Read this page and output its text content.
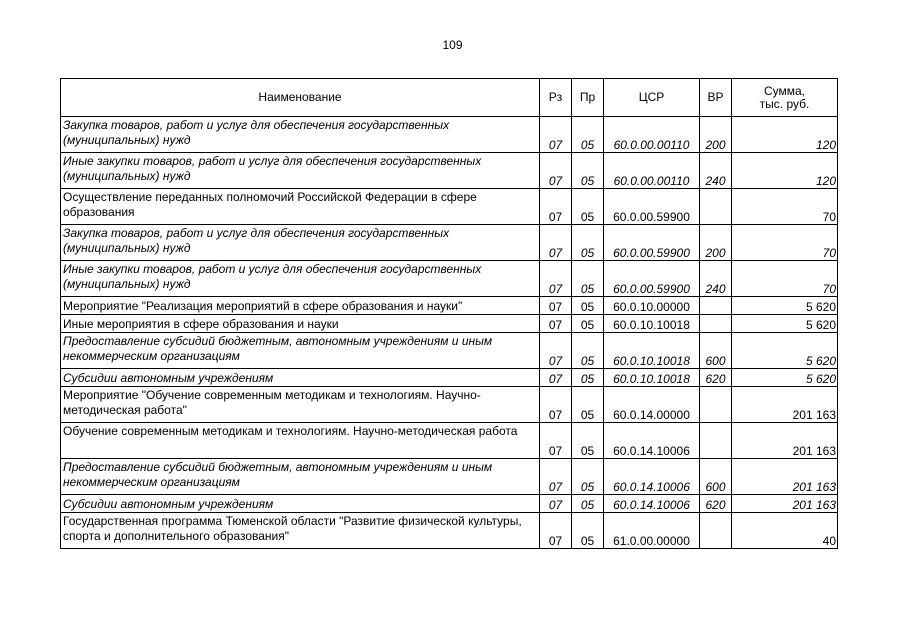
109
Наименование	Рз	Пр	ЦСР	ВР	Сумма,
тыс. руб.
Закупка товаров, работ и услуг для обеспечения государственных (муниципальных) нужд	07	05	60.0.00.00110	200	120
Иные закупки товаров, работ и услуг для обеспечения государственных (муниципальных) нужд	07	05	60.0.00.00110	240	120
Осуществление переданных полномочий Российской Федерации в сфере образования	07	05	60.0.00.59900		70
Закупка товаров, работ и услуг для обеспечения государственных (муниципальных) нужд	07	05	60.0.00.59900	200	70
Иные закупки товаров, работ и услуг для обеспечения государственных (муниципальных) нужд	07	05	60.0.00.59900	240	70
Мероприятие "Реализация мероприятий в сфере образования и науки"	07	05	60.0.10.00000		5 620
Иные мероприятия в сфере образования и науки	07	05	60.0.10.10018		5 620
Предоставление субсидий бюджетным, автономным учреждениям и иным некоммерческим организациям	07	05	60.0.10.10018	600	5 620
Субсидии автономным учреждениям	07	05	60.0.10.10018	620	5 620
Мероприятие "Обучение современным методикам и технологиям. Научно-методическая работа"	07	05	60.0.14.00000		201 163
Обучение современным методикам и технологиям. Научно-методическая работа	07	05	60.0.14.10006		201 163
Предоставление субсидий бюджетным, автономным учреждениям и иным некоммерческим организациям	07	05	60.0.14.10006	600	201 163
Субсидии автономным учреждениям	07	05	60.0.14.10006	620	201 163
Государственная программа Тюменской области "Развитие физической культуры, спорта и дополнительного образования"	07	05	61.0.00.00000		40
